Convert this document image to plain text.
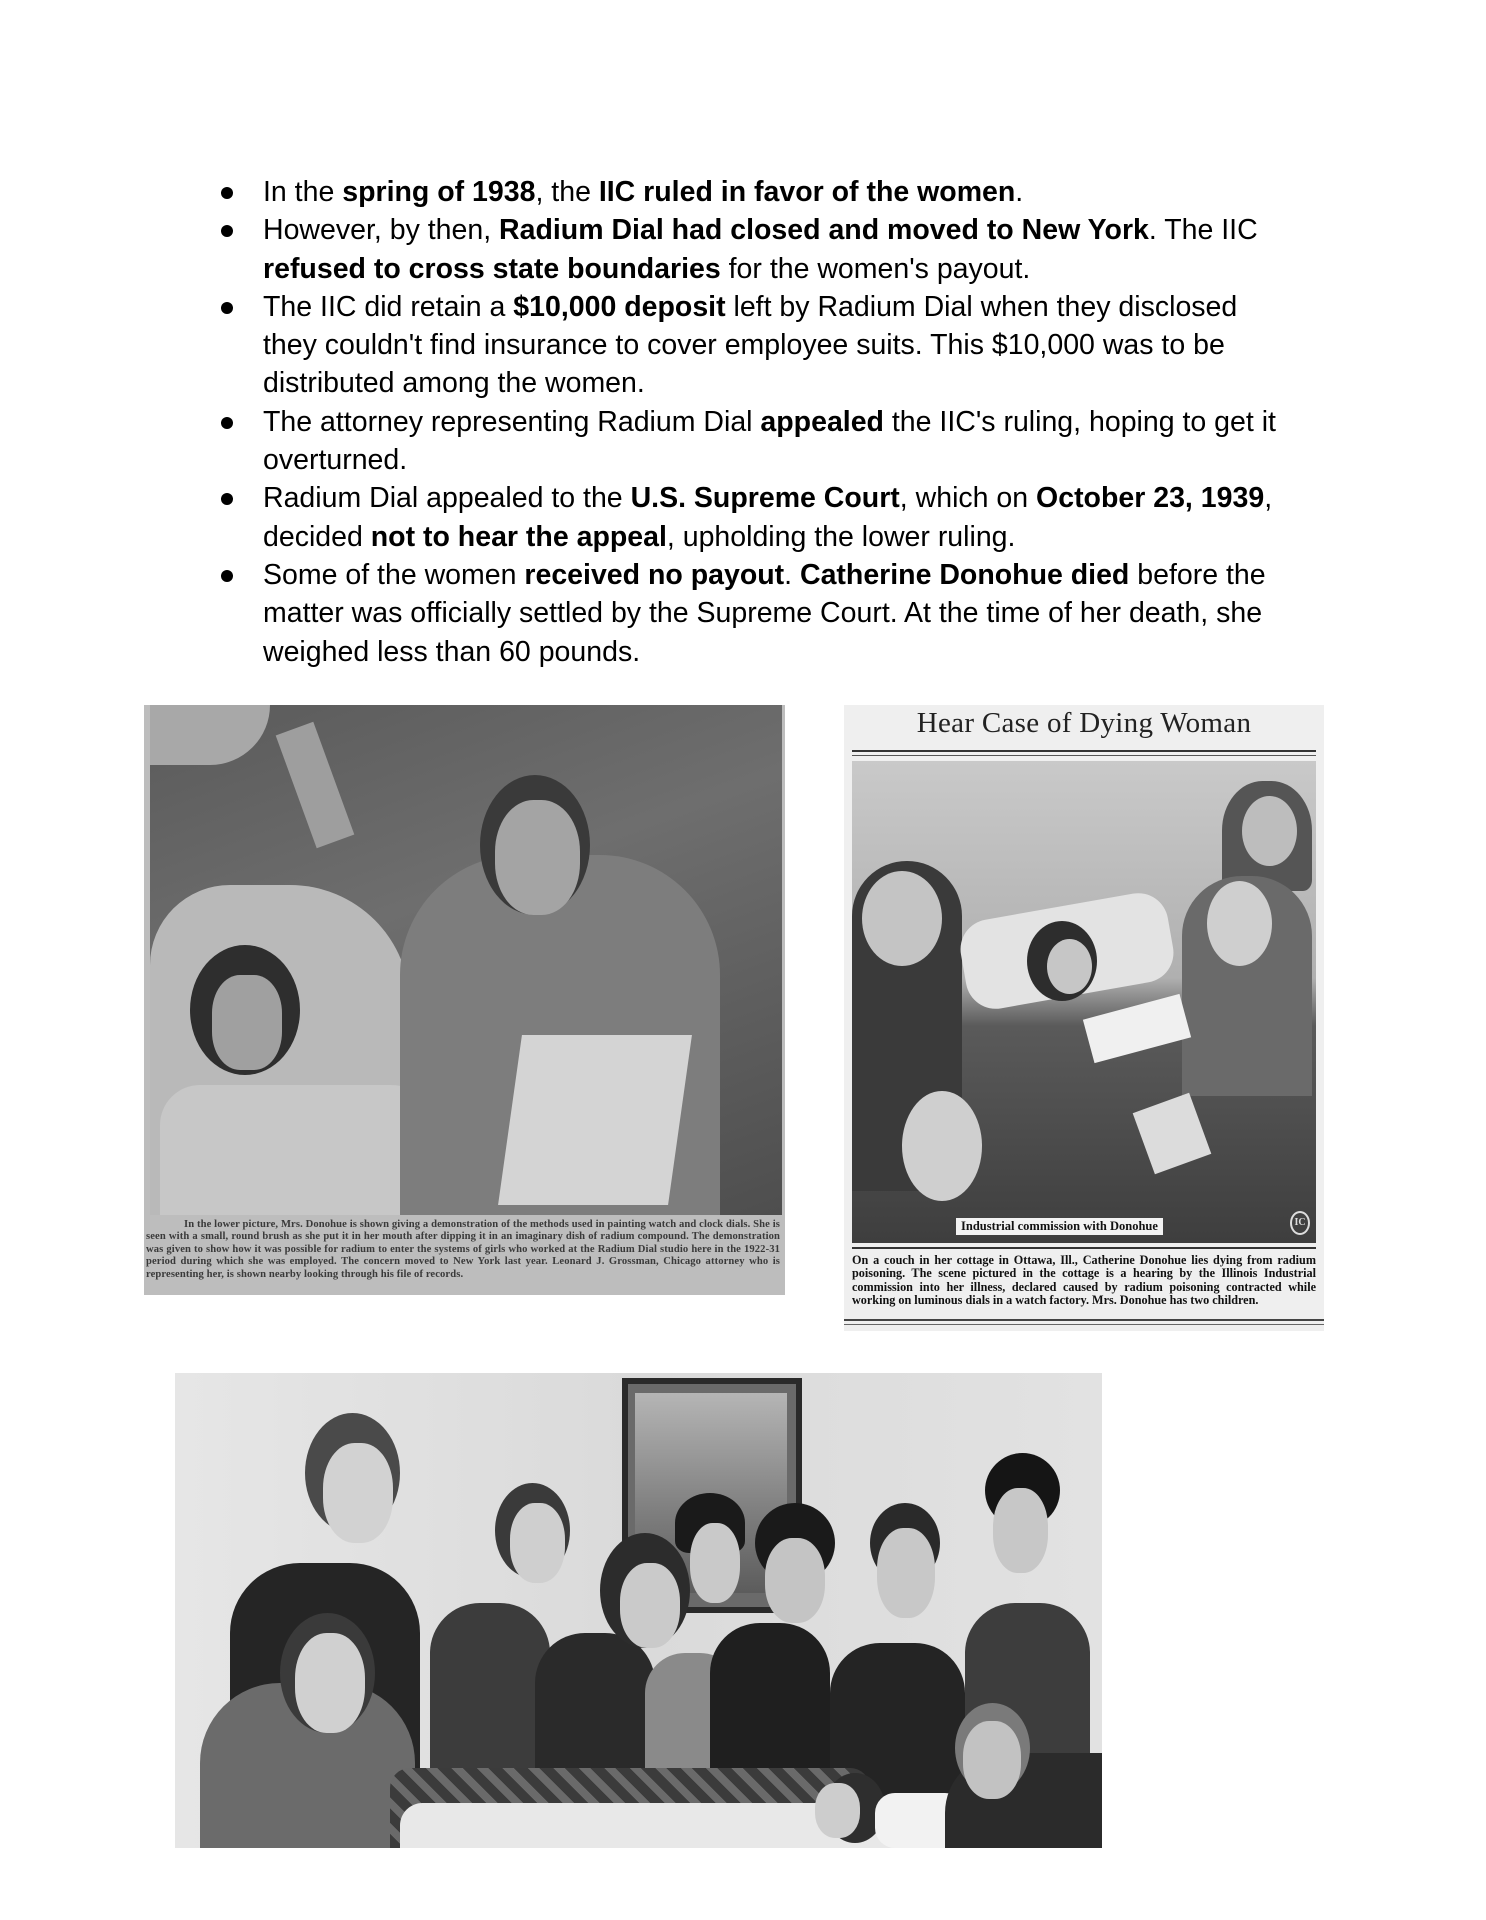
In the spring of 1938, the IIC ruled in favor of the women.
However, by then, Radium Dial had closed and moved to New York. The IIC refused to cross state boundaries for the women's payout.
The IIC did retain a $10,000 deposit left by Radium Dial when they disclosed they couldn't find insurance to cover employee suits. This $10,000 was to be distributed among the women.
The attorney representing Radium Dial appealed the IIC's ruling, hoping to get it overturned.
Radium Dial appealed to the U.S. Supreme Court, which on October 23, 1939, decided not to hear the appeal, upholding the lower ruling.
Some of the women received no payout. Catherine Donohue died before the matter was officially settled by the Supreme Court. At the time of her death, she weighed less than 60 pounds.
In the lower picture, Mrs. Donohue is shown giving a demonstration of the methods used in painting watch and clock dials. She is seen with a small, round brush as she put it in her mouth after dipping it in an imaginary dish of radium compound. The demonstration was given to show how it was possible for radium to enter the systems of girls who worked at the Radium Dial studio here in the 1922-31 period during which she was employed. The concern moved to New York last year. Leonard J. Grossman, Chicago attorney who is representing her, is shown nearby looking through his file of records.
Hear Case of Dying Woman
Industrial commission with Donohue	IC
On a couch in her cottage in Ottawa, Ill., Catherine Donohue lies dying from radium poisoning. The scene pictured in the cottage is a hearing by the Illinois Industrial commission into her illness, declared caused by radium poisoning contracted while working on luminous dials in a watch factory. Mrs. Donohue has two children.
